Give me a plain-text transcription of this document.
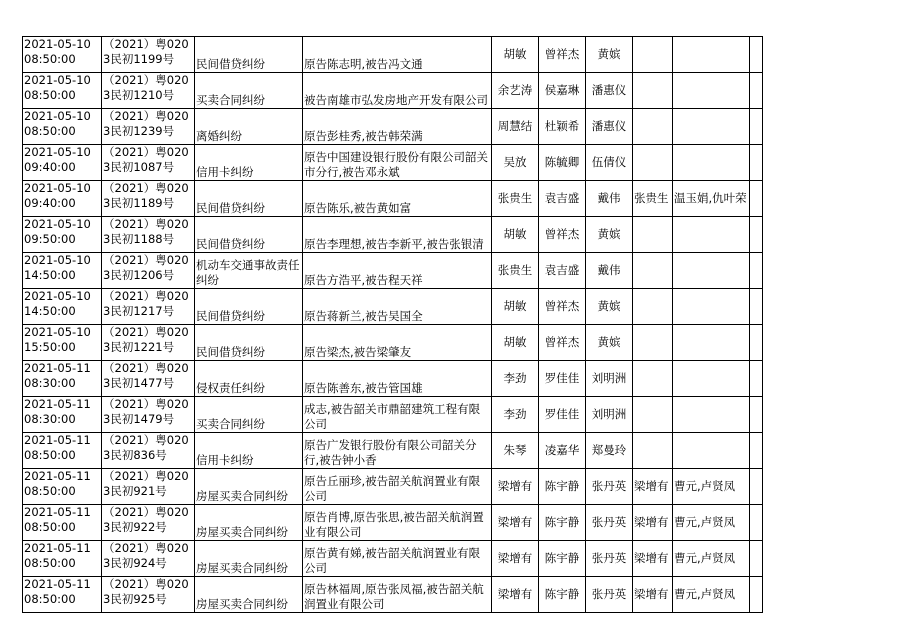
2021-05-10 08:50:00	（2021）粤0203民初1199号	民间借贷纠纷	原告陈志明,被告冯文通	胡敏	曾祥杰	黄嫔			
2021-05-10 08:50:00	（2021）粤0203民初1210号	买卖合同纠纷	被告南雄市弘发房地产开发有限公司	余艺涛	侯嘉琳	潘惠仪			
2021-05-10 08:50:00	（2021）粤0203民初1239号	离婚纠纷	原告彭桂秀,被告韩荣满	周慧结	杜颖希	潘惠仪			
2021-05-10 09:40:00	（2021）粤0203民初1087号	信用卡纠纷	原告中国建设银行股份有限公司韶关市分行,被告邓永斌	吴放	陈毓卿	伍倩仪			
2021-05-10 09:40:00	（2021）粤0203民初1189号	民间借贷纠纷	原告陈乐,被告黄如富	张贵生	袁吉盛	戴伟	张贵生	温玉娟,仇叶荣	
2021-05-10 09:50:00	（2021）粤0203民初1188号	民间借贷纠纷	原告李理想,被告李新平,被告张银清	胡敏	曾祥杰	黄嫔			
2021-05-10 14:50:00	（2021）粤0203民初1206号	机动车交通事故责任纠纷	原告方浩平,被告程天祥	张贵生	袁吉盛	戴伟			
2021-05-10 14:50:00	（2021）粤0203民初1217号	民间借贷纠纷	原告蒋新兰,被告吴国全	胡敏	曾祥杰	黄嫔			
2021-05-10 15:50:00	（2021）粤0203民初1221号	民间借贷纠纷	原告梁杰,被告梁肇友	胡敏	曾祥杰	黄嫔			
2021-05-11 08:30:00	（2021）粤0203民初1477号	侵权责任纠纷	原告陈善东,被告管国雄	李劲	罗佳佳	刘明洲			
2021-05-11 08:30:00	（2021）粤0203民初1479号	买卖合同纠纷	成志,被告韶关市鼎韶建筑工程有限公司	李劲	罗佳佳	刘明洲			
2021-05-11 08:50:00	（2021）粤0203民初836号	信用卡纠纷	原告广发银行股份有限公司韶关分行,被告钟小香	朱琴	凌嘉华	郑曼玲			
2021-05-11 08:50:00	（2021）粤0203民初921号	房屋买卖合同纠纷	原告丘丽珍,被告韶关航润置业有限公司	梁增有	陈宇静	张丹英	梁增有	曹元,卢贤凤	
2021-05-11 08:50:00	（2021）粤0203民初922号	房屋买卖合同纠纷	原告肖博,原告张思,被告韶关航润置业有限公司	梁增有	陈宇静	张丹英	梁增有	曹元,卢贤凤	
2021-05-11 08:50:00	（2021）粤0203民初924号	房屋买卖合同纠纷	原告黄有娣,被告韶关航润置业有限公司	梁增有	陈宇静	张丹英	梁增有	曹元,卢贤凤	
2021-05-11 08:50:00	（2021）粤0203民初925号	房屋买卖合同纠纷	原告林福周,原告张凤福,被告韶关航润置业有限公司	梁增有	陈宇静	张丹英	梁增有	曹元,卢贤凤	
